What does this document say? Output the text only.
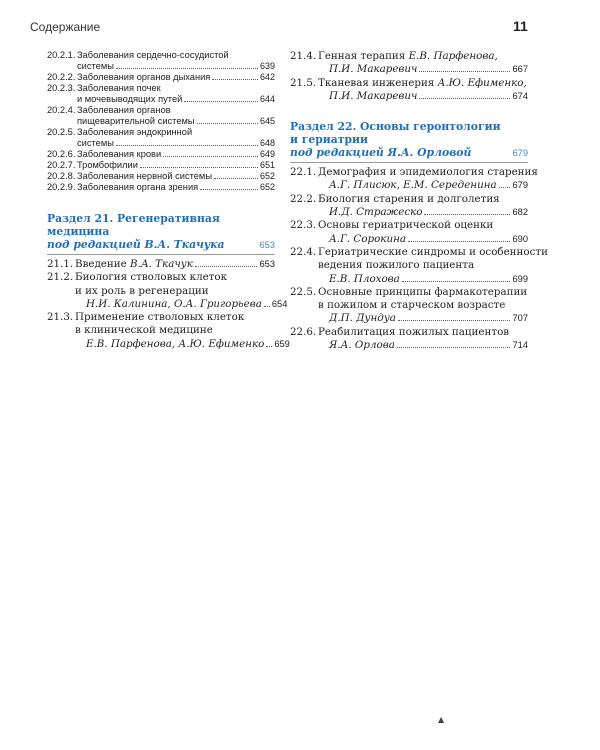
Содержание	11
20.2.1. Заболевания сердечно-сосудистой
системы	639
20.2.2. Заболевания органов дыхания	642
20.2.3. Заболевания почек
и мочевыводящих путей	644
20.2.4. Заболевания органов
пищеварительной системы	645
20.2.5. Заболевания эндокринной
системы	648
20.2.6. Заболевания крови	649
20.2.7. Тромбофилии	651
20.2.8. Заболевания нервной системы	652
20.2.9. Заболевания органа зрения	652
Раздел 21. Регенеративная медицина
под редакцией В.А. Ткачука	653
21.1. Введение В.А. Ткачук	653
21.2. Биология стволовых клеток
и их роль в регенерации
Н.И. Калинина, О.А. Григорьева 654
21.3. Применение стволовых клеток
в клинической медицине
Е.В. Парфенова, А.Ю. Ефименко 659
21.4. Генная терапия Е.В. Парфенова,
П.И. Макаревич	667
21.5. Тканевая инженерия А.Ю. Ефименко,
П.И. Макаревич	674
Раздел 22. Основы геронтологии
и гериатрии
под редакцией Я.А. Орловой	679
22.1. Демография и эпидемиология старения
А.Г. Плисюк, Е.М. Середенина 679
22.2. Биология старения и долголетия
И.Д. Стражеско	682
22.3. Основы гериатрической оценки
А.Г. Сорокина	690
22.4. Гериатрические синдромы и особенности
ведения пожилого пациента
Е.В. Плохова	699
22.5. Основные принципы фармакотерапии
в пожилом и старческом возрасте
Д.П. Дундуа	707
22.6. Реабилитация пожилых пациентов
Я.А. Орлова	714
▲
